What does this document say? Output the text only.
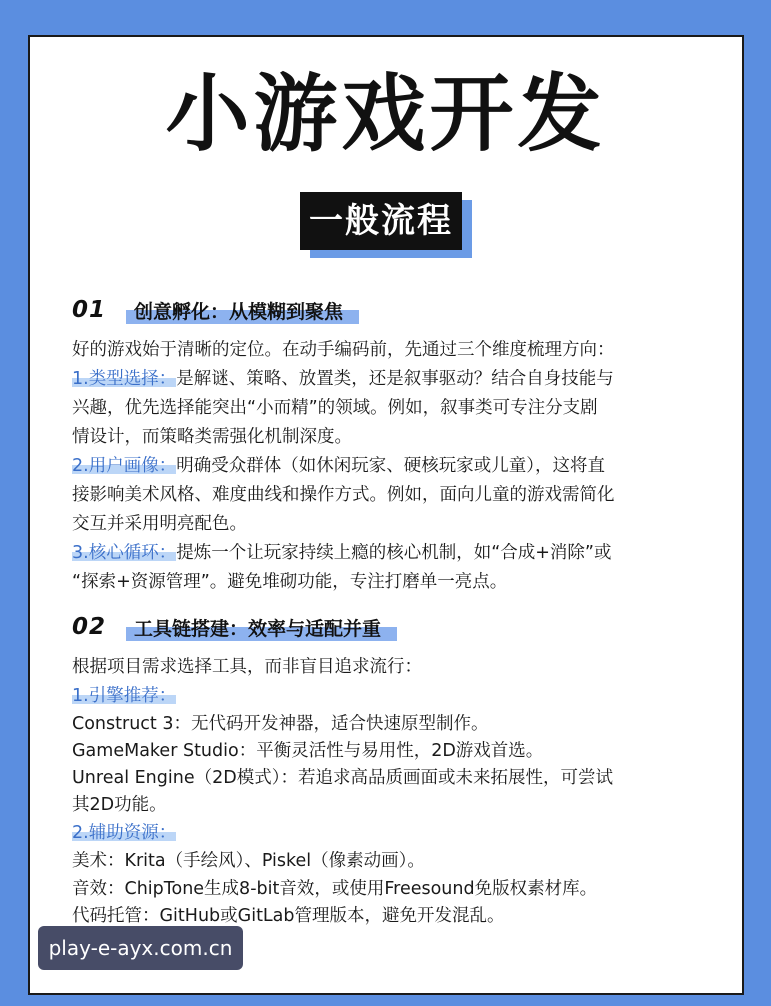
小游戏开发
一般流程
01	创意孵化：从模糊到聚焦
好的游戏始于清晰的定位。在动手编码前，先通过三个维度梳理方向：
1.类型选择：是解谜、策略、放置类，还是叙事驱动？结合自身技能与
兴趣，优先选择能突出“小而精”的领域。例如，叙事类可专注分支剧
情设计，而策略类需强化机制深度。
2.用户画像：明确受众群体（如休闲玩家、硬核玩家或儿童），这将直
接影响美术风格、难度曲线和操作方式。例如，面向儿童的游戏需简化
交互并采用明亮配色。
3.核心循环：提炼一个让玩家持续上瘾的核心机制，如“合成+消除”或
“探索+资源管理”。避免堆砌功能，专注打磨单一亮点。
02	工具链搭建：效率与适配并重
根据项目需求选择工具，而非盲目追求流行：
1.引擎推荐：
Construct 3：无代码开发神器，适合快速原型制作。
GameMaker Studio：平衡灵活性与易用性，2D游戏首选。
Unreal Engine（2D模式）：若追求高品质画面或未来拓展性，可尝试
其2D功能。
2.辅助资源：
美术：Krita（手绘风）、Piskel（像素动画）。
音效：ChipTone生成8-bit音效，或使用Freesound免版权素材库。
代码托管：GitHub或GitLab管理版本，避免开发混乱。
play-e-ayx.com.cn
